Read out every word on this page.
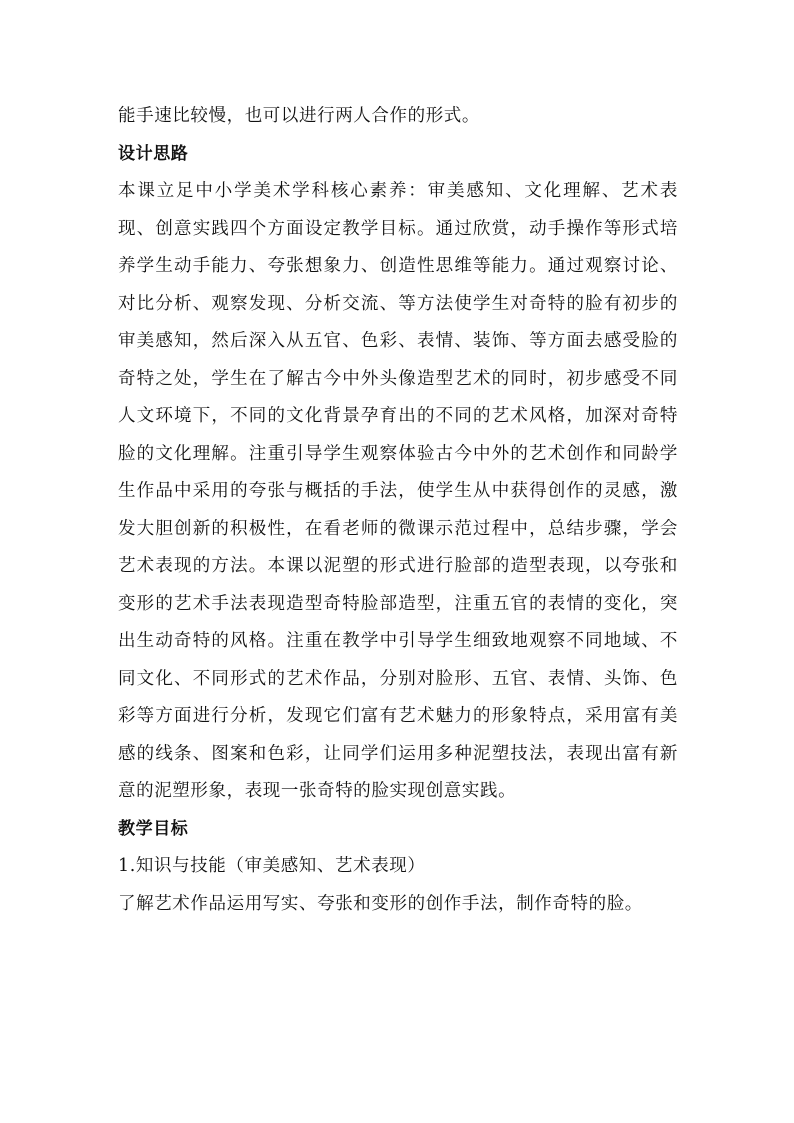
能手速比较慢，也可以进行两人合作的形式。

设计思路

本课立足中小学美术学科核心素养：审美感知、文化理解、艺术表现、创意实践四个方面设定教学目标。通过欣赏，动手操作等形式培养学生动手能力、夸张想象力、创造性思维等能力。通过观察讨论、对比分析、观察发现、分析交流、等方法使学生对奇特的脸有初步的审美感知，然后深入从五官、色彩、表情、装饰、等方面去感受脸的奇特之处，学生在了解古今中外头像造型艺术的同时，初步感受不同人文环境下，不同的文化背景孕育出的不同的艺术风格，加深对奇特脸的文化理解。注重引导学生观察体验古今中外的艺术创作和同龄学生作品中采用的夸张与概括的手法，使学生从中获得创作的灵感，激发大胆创新的积极性，在看老师的微课示范过程中，总结步骤，学会艺术表现的方法。本课以泥塑的形式进行脸部的造型表现，以夸张和变形的艺术手法表现造型奇特脸部造型，注重五官的表情的变化，突出生动奇特的风格。注重在教学中引导学生细致地观察不同地域、不同文化、不同形式的艺术作品，分别对脸形、五官、表情、头饰、色彩等方面进行分析，发现它们富有艺术魅力的形象特点，采用富有美感的线条、图案和色彩，让同学们运用多种泥塑技法，表现出富有新意的泥塑形象，表现一张奇特的脸实现创意实践。

教学目标

1.知识与技能（审美感知、艺术表现）

了解艺术作品运用写实、夸张和变形的创作手法，制作奇特的脸。
